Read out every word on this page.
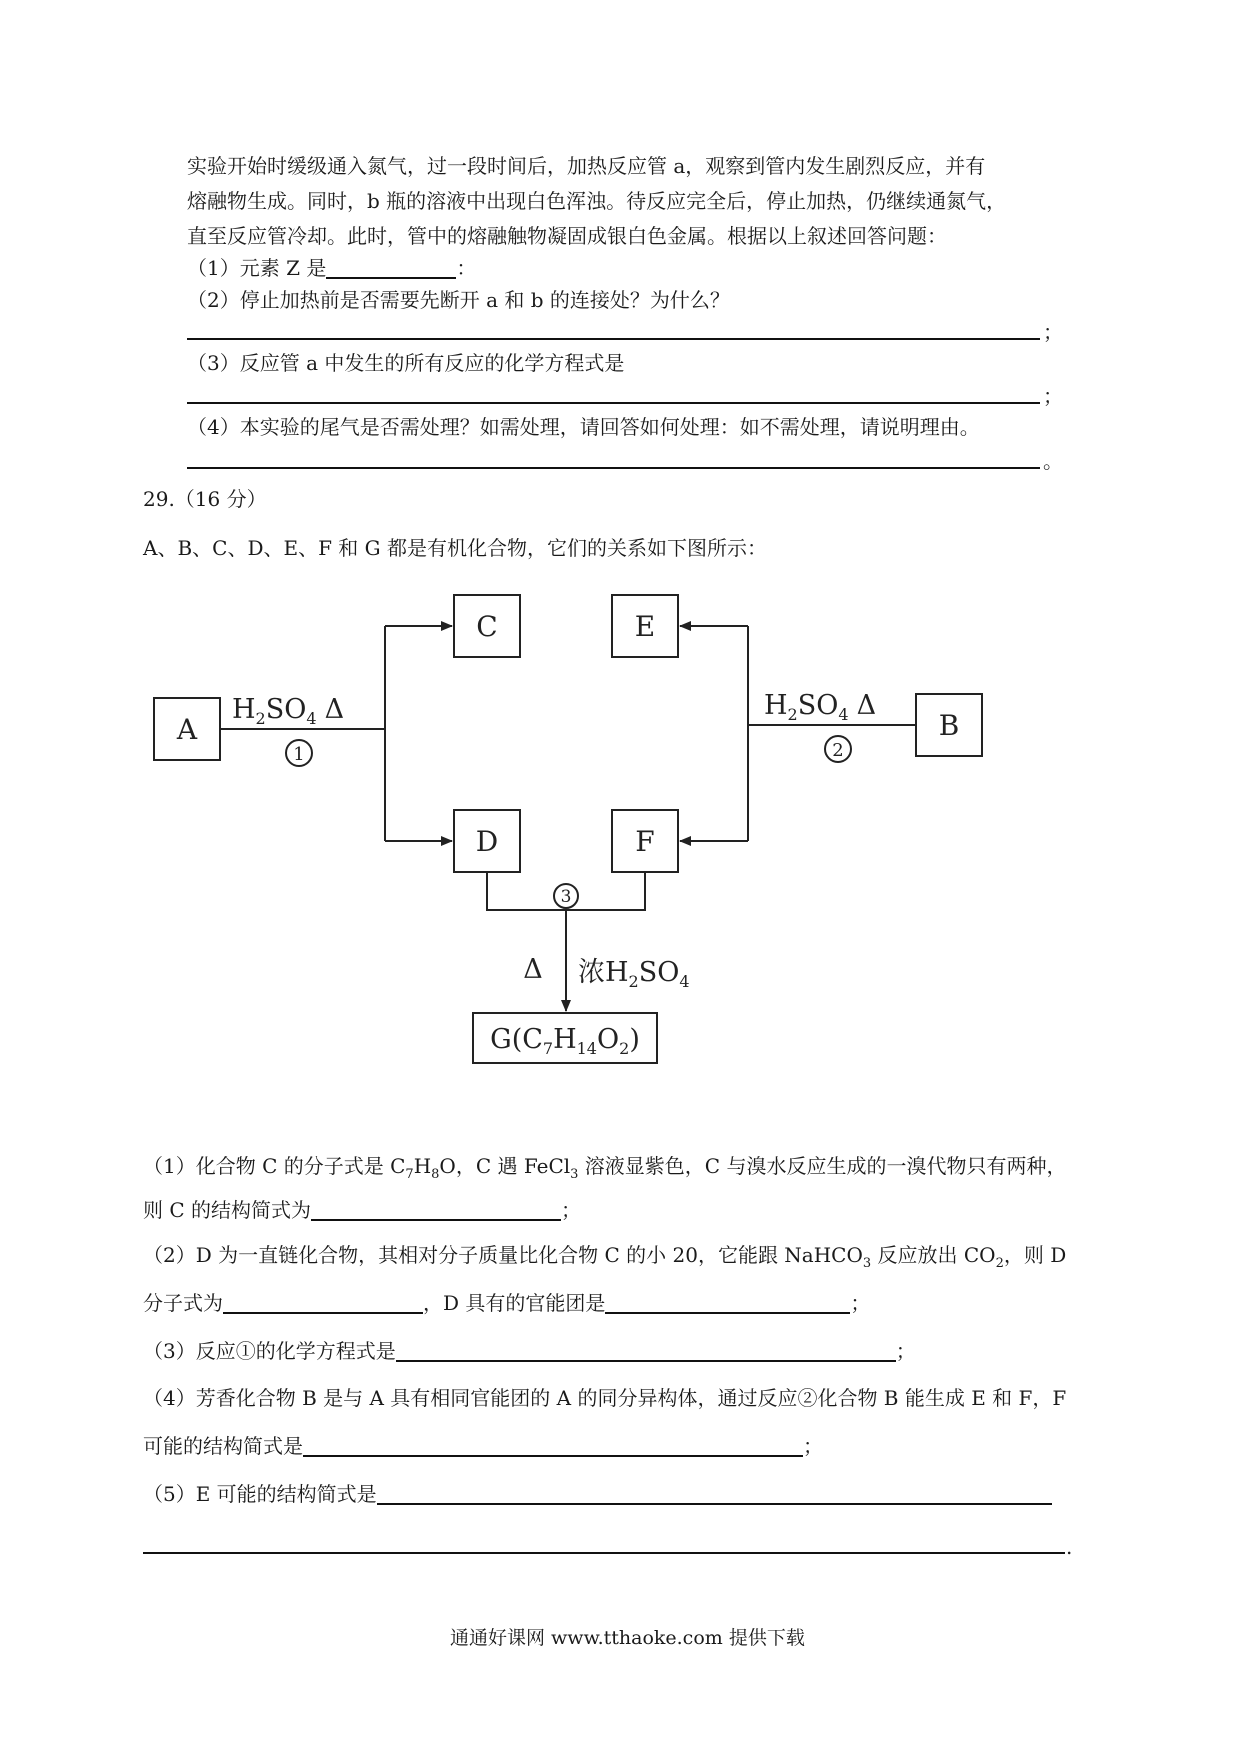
实验开始时缓级通入氮气，过一段时间后，加热反应管 a，观察到管内发生剧烈反应，并有
熔融物生成。同时，b 瓶的溶液中出现白色浑浊。待反应完全后，停止加热，仍继续通氮气，
直至反应管冷却。此时，管中的熔融触物凝固成银白色金属。根据以上叙述回答问题：
（1）元素 Z 是	：
（2）停止加热前是否需要先断开 a 和 b 的连接处？为什么？
；
（3）反应管 a 中发生的所有反应的化学方程式是
；
（4）本实验的尾气是否需处理？如需处理，请回答如何处理：如不需处理，请说明理由。
。
29.（16 分）
A、B、C、D、E、F 和 G 都是有机化合物，它们的关系如下图所示：
A	B
C	E
D	F
$G(C_7H_{14}O_2)$
$H_2SO_4$ Δ	$H_2SO_4$ Δ
Δ 浓$H_2SO_4$
1	2
3
（1）化合物 C 的分子式是 $C_7H_8O$，C 遇 FeCl$_3$ 溶液显紫色，C 与溴水反应生成的一溴代物只有两种，
则 C 的结构简式为	；
（2）D 为一直链化合物，其相对分子质量比化合物 C 的小 20，它能跟 NaHCO$_3$ 反应放出 $CO_2$，则 D
分子式为	，D 具有的官能团是	；
（3）反应①的化学方程式是	；
（4）芳香化合物 B 是与 A 具有相同官能团的 A 的同分异构体，通过反应②化合物 B 能生成 E 和 F，F
可能的结构简式是	；
（5）E 可能的结构简式是
.
通通好课网 www.tthaoke.com 提供下载
